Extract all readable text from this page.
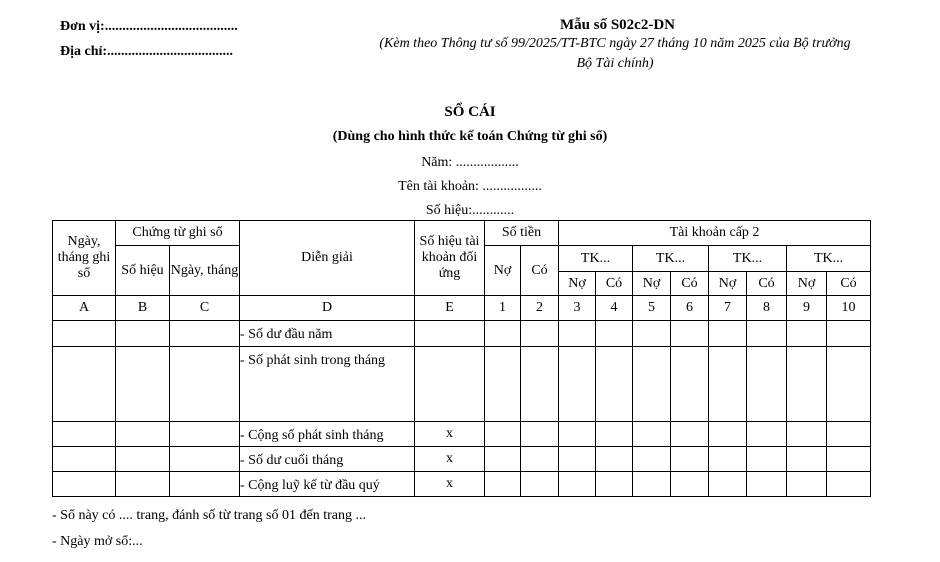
Đơn vị:......................................
Địa chỉ:....................................
Mẫu số S02c2-DN
(Kèm theo Thông tư số 99/2025/TT-BTC ngày 27 tháng 10 năm 2025 của Bộ trưởng Bộ Tài chính)
SỔ CÁI
(Dùng cho hình thức kế toán Chứng từ ghi sổ)
Năm: ..................
Tên tài khoản: .................
Số hiệu:............
Ngày, tháng ghi sổ	Chứng từ ghi sổ		Diễn giải	Số hiệu tài khoản đối ứng	Số tiền		Tài khoản cấp 2							
	Số hiệu	Ngày, tháng			Nợ	Có	TK...		TK...		TK...		TK...	
							Nợ	Có	Nợ	Có	Nợ	Có	Nợ	Có
A	B	C	D	E	1	2	3	4	5	6	7	8	9	10
			- Số dư đầu năm											
			- Số phát sinh trong tháng											
			- Cộng số phát sinh tháng	x										
			- Số dư cuối tháng	x										
			- Cộng luỹ kế từ đầu quý	x										
- Sổ này có .... trang, đánh số từ trang số 01 đến trang ...
- Ngày mở sổ:...
